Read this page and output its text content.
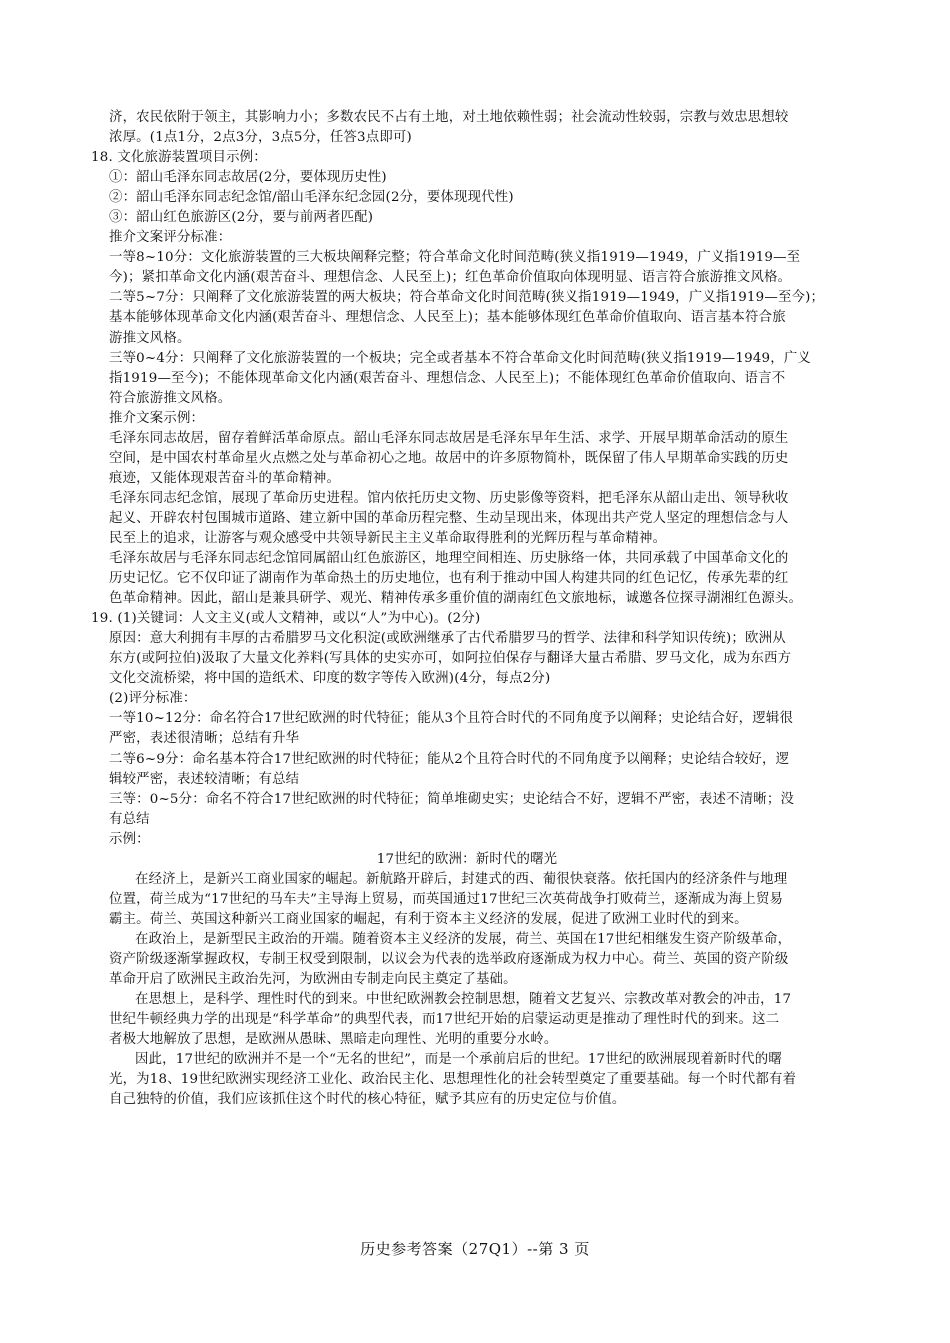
济，农民依附于领主，其影响力小；多数农民不占有土地，对土地依赖性弱；社会流动性较弱，宗教与效忠思想较
浓厚。(1点1分，2点3分，3点5分，任答3点即可)
18. 文化旅游装置项目示例：
①：韶山毛泽东同志故居(2分，要体现历史性)
②：韶山毛泽东同志纪念馆/韶山毛泽东纪念园(2分，要体现现代性)
③：韶山红色旅游区(2分，要与前两者匹配)
推介文案评分标准：
一等8~10分：文化旅游装置的三大板块阐释完整；符合革命文化时间范畴(狭义指1919—1949，广义指1919—至
今)；紧扣革命文化内涵(艰苦奋斗、理想信念、人民至上)；红色革命价值取向体现明显、语言符合旅游推文风格。
二等5~7分：只阐释了文化旅游装置的两大板块；符合革命文化时间范畴(狭义指1919—1949，广义指1919—至今)；
基本能够体现革命文化内涵(艰苦奋斗、理想信念、人民至上)；基本能够体现红色革命价值取向、语言基本符合旅
游推文风格。
三等0~4分：只阐释了文化旅游装置的一个板块；完全或者基本不符合革命文化时间范畴(狭义指1919—1949，广义
指1919—至今)；不能体现革命文化内涵(艰苦奋斗、理想信念、人民至上)；不能体现红色革命价值取向、语言不
符合旅游推文风格。
推介文案示例：
毛泽东同志故居，留存着鲜活革命原点。韶山毛泽东同志故居是毛泽东早年生活、求学、开展早期革命活动的原生
空间，是中国农村革命星火点燃之处与革命初心之地。故居中的许多原物简朴，既保留了伟人早期革命实践的历史
痕迹，又能体现艰苦奋斗的革命精神。
毛泽东同志纪念馆，展现了革命历史进程。馆内依托历史文物、历史影像等资料，把毛泽东从韶山走出、领导秋收
起义、开辟农村包围城市道路、建立新中国的革命历程完整、生动呈现出来，体现出共产党人坚定的理想信念与人
民至上的追求，让游客与观众感受中共领导新民主主义革命取得胜利的光辉历程与革命精神。
毛泽东故居与毛泽东同志纪念馆同属韶山红色旅游区，地理空间相连、历史脉络一体，共同承载了中国革命文化的
历史记忆。它不仅印证了湖南作为革命热土的历史地位，也有利于推动中国人构建共同的红色记忆，传承先辈的红
色革命精神。因此，韶山是兼具研学、观光、精神传承多重价值的湖南红色文旅地标，诚邀各位探寻湖湘红色源头。
19. (1)关键词：人文主义(或人文精神，或以“人”为中心)。(2分)
原因：意大利拥有丰厚的古希腊罗马文化积淀(或欧洲继承了古代希腊罗马的哲学、法律和科学知识传统)；欧洲从
东方(或阿拉伯)汲取了大量文化养料(写具体的史实亦可，如阿拉伯保存与翻译大量古希腊、罗马文化，成为东西方
文化交流桥梁，将中国的造纸术、印度的数字等传入欧洲)(4分，每点2分)
(2)评分标准：
一等10~12分：命名符合17世纪欧洲的时代特征；能从3个且符合时代的不同角度予以阐释；史论结合好，逻辑很
严密，表述很清晰；总结有升华
二等6~9分：命名基本符合17世纪欧洲的时代特征；能从2个且符合时代的不同角度予以阐释；史论结合较好，逻
辑较严密，表述较清晰；有总结
三等：0~5分：命名不符合17世纪欧洲的时代特征；简单堆砌史实；史论结合不好，逻辑不严密，表述不清晰；没
有总结
示例：
17世纪的欧洲：新时代的曙光
在经济上，是新兴工商业国家的崛起。新航路开辟后，封建式的西、葡很快衰落。依托国内的经济条件与地理
位置，荷兰成为“17世纪的马车夫”主导海上贸易，而英国通过17世纪三次英荷战争打败荷兰，逐渐成为海上贸易
霸主。荷兰、英国这种新兴工商业国家的崛起，有利于资本主义经济的发展，促进了欧洲工业时代的到来。
在政治上，是新型民主政治的开端。随着资本主义经济的发展，荷兰、英国在17世纪相继发生资产阶级革命，
资产阶级逐渐掌握政权，专制王权受到限制，以议会为代表的选举政府逐渐成为权力中心。荷兰、英国的资产阶级
革命开启了欧洲民主政治先河，为欧洲由专制走向民主奠定了基础。
在思想上，是科学、理性时代的到来。中世纪欧洲教会控制思想，随着文艺复兴、宗教改革对教会的冲击，17
世纪牛顿经典力学的出现是“科学革命”的典型代表，而17世纪开始的启蒙运动更是推动了理性时代的到来。这二
者极大地解放了思想，是欧洲从愚昧、黑暗走向理性、光明的重要分水岭。
因此，17世纪的欧洲并不是一个“无名的世纪”，而是一个承前启后的世纪。17世纪的欧洲展现着新时代的曙
光，为18、19世纪欧洲实现经济工业化、政治民主化、思想理性化的社会转型奠定了重要基础。每一个时代都有着
自己独特的价值，我们应该抓住这个时代的核心特征，赋予其应有的历史定位与价值。
历史参考答案（27Q1）--第 3 页
